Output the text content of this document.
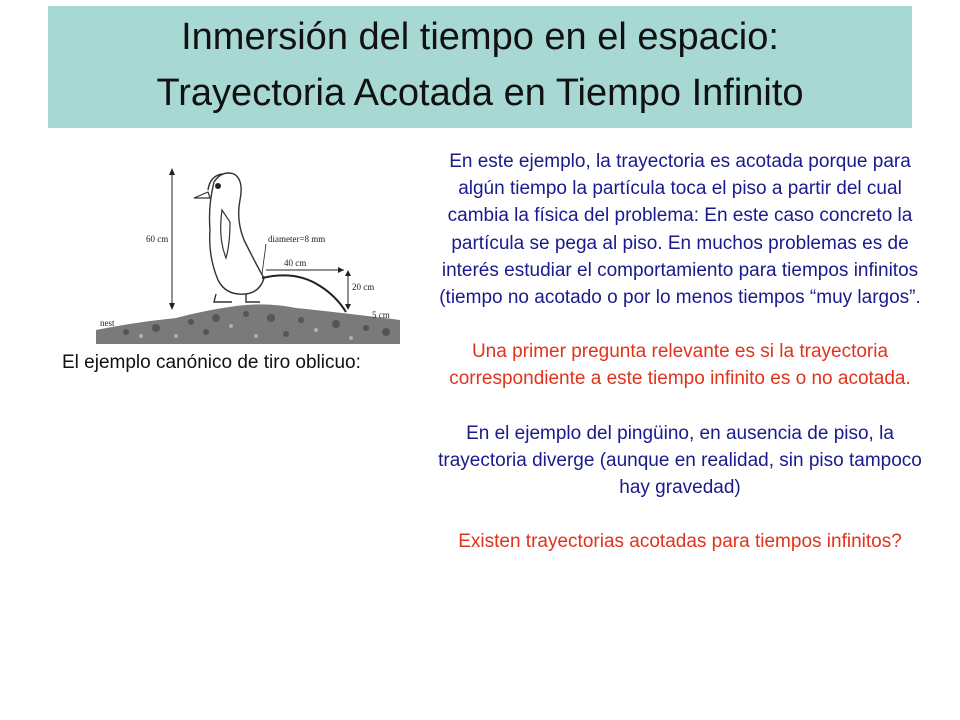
Inmersión del tiempo en el espacio:
Trayectoria Acotada en Tiempo Infinito
60 cm	diameter=8 mm
40 cm
20 cm
5 cm
nest
El ejemplo canónico de tiro oblicuo:

En este ejemplo, la trayectoria es acotada porque para algún tiempo la partícula toca el piso a partir del cual cambia la física del problema: En este caso concreto la partícula se pega al piso. En muchos problemas es de interés estudiar el comportamiento para tiempos infinitos (tiempo no acotado o por lo menos tiempos “muy largos”.

Una primer pregunta relevante es si la trayectoria correspondiente a este tiempo infinito es o no acotada.

En el ejemplo del pingüino, en ausencia de piso, la trayectoria diverge (aunque en realidad, sin piso tampoco hay gravedad)

Existen trayectorias acotadas para tiempos infinitos?
